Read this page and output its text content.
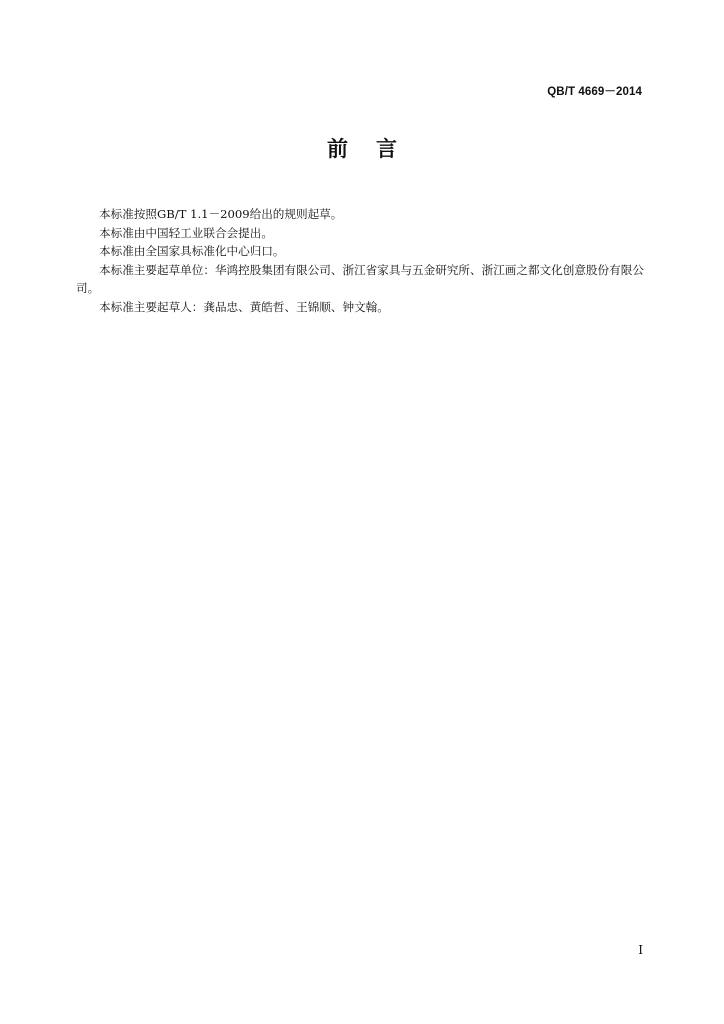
QB/T 4669－2014
前言

本标准按照GB/T 1.1－2009给出的规则起草。

本标准由中国轻工业联合会提出。

本标准由全国家具标准化中心归口。

本标准主要起草单位：华鸿控股集团有限公司、浙江省家具与五金研究所、浙江画之都文化创意股份有限公司。

本标准主要起草人：龚品忠、黄皓哲、王锦顺、钟文翰。

I
